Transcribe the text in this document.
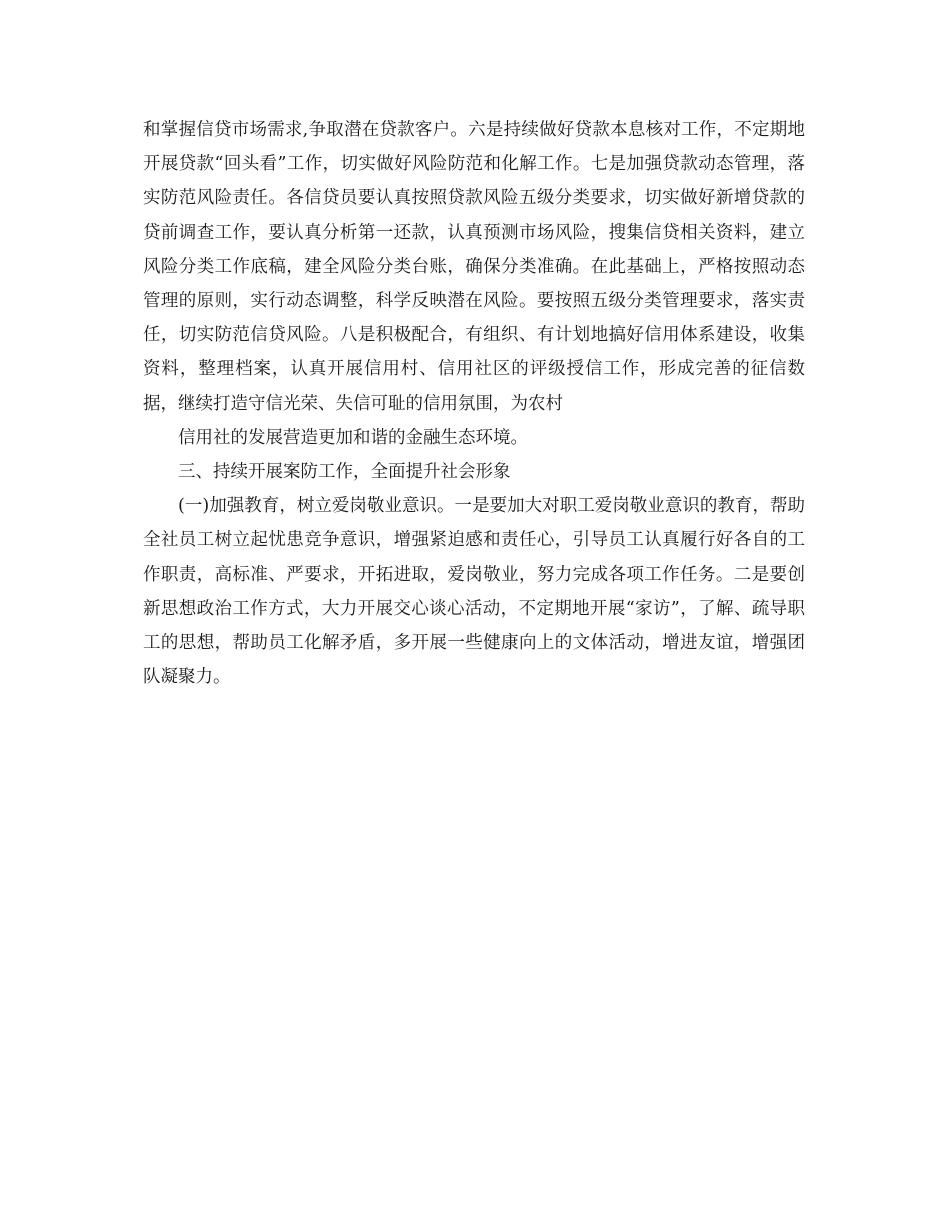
和掌握信贷市场需求,争取潜在贷款客户。六是持续做好贷款本息核对工作，不定期地开展贷款“回头看”工作，切实做好风险防范和化解工作。七是加强贷款动态管理，落实防范风险责任。各信贷员要认真按照贷款风险五级分类要求，切实做好新增贷款的贷前调查工作，要认真分析第一还款，认真预测市场风险，搜集信贷相关资料，建立风险分类工作底稿，建全风险分类台账，确保分类准确。在此基础上，严格按照动态管理的原则，实行动态调整，科学反映潜在风险。要按照五级分类管理要求，落实责任，切实防范信贷风险。八是积极配合，有组织、有计划地搞好信用体系建设，收集资料，整理档案，认真开展信用村、信用社区的评级授信工作，形成完善的征信数据，继续打造守信光荣、失信可耻的信用氛围，为农村

信用社的发展营造更加和谐的金融生态环境。

三、持续开展案防工作，全面提升社会形象

(一)加强教育，树立爱岗敬业意识。一是要加大对职工爱岗敬业意识的教育，帮助全社员工树立起忧患竞争意识，增强紧迫感和责任心，引导员工认真履行好各自的工作职责，高标准、严要求，开拓进取，爱岗敬业，努力完成各项工作任务。二是要创新思想政治工作方式，大力开展交心谈心活动，不定期地开展“家访”，了解、疏导职工的思想，帮助员工化解矛盾，多开展一些健康向上的文体活动，增进友谊，增强团队凝聚力。
